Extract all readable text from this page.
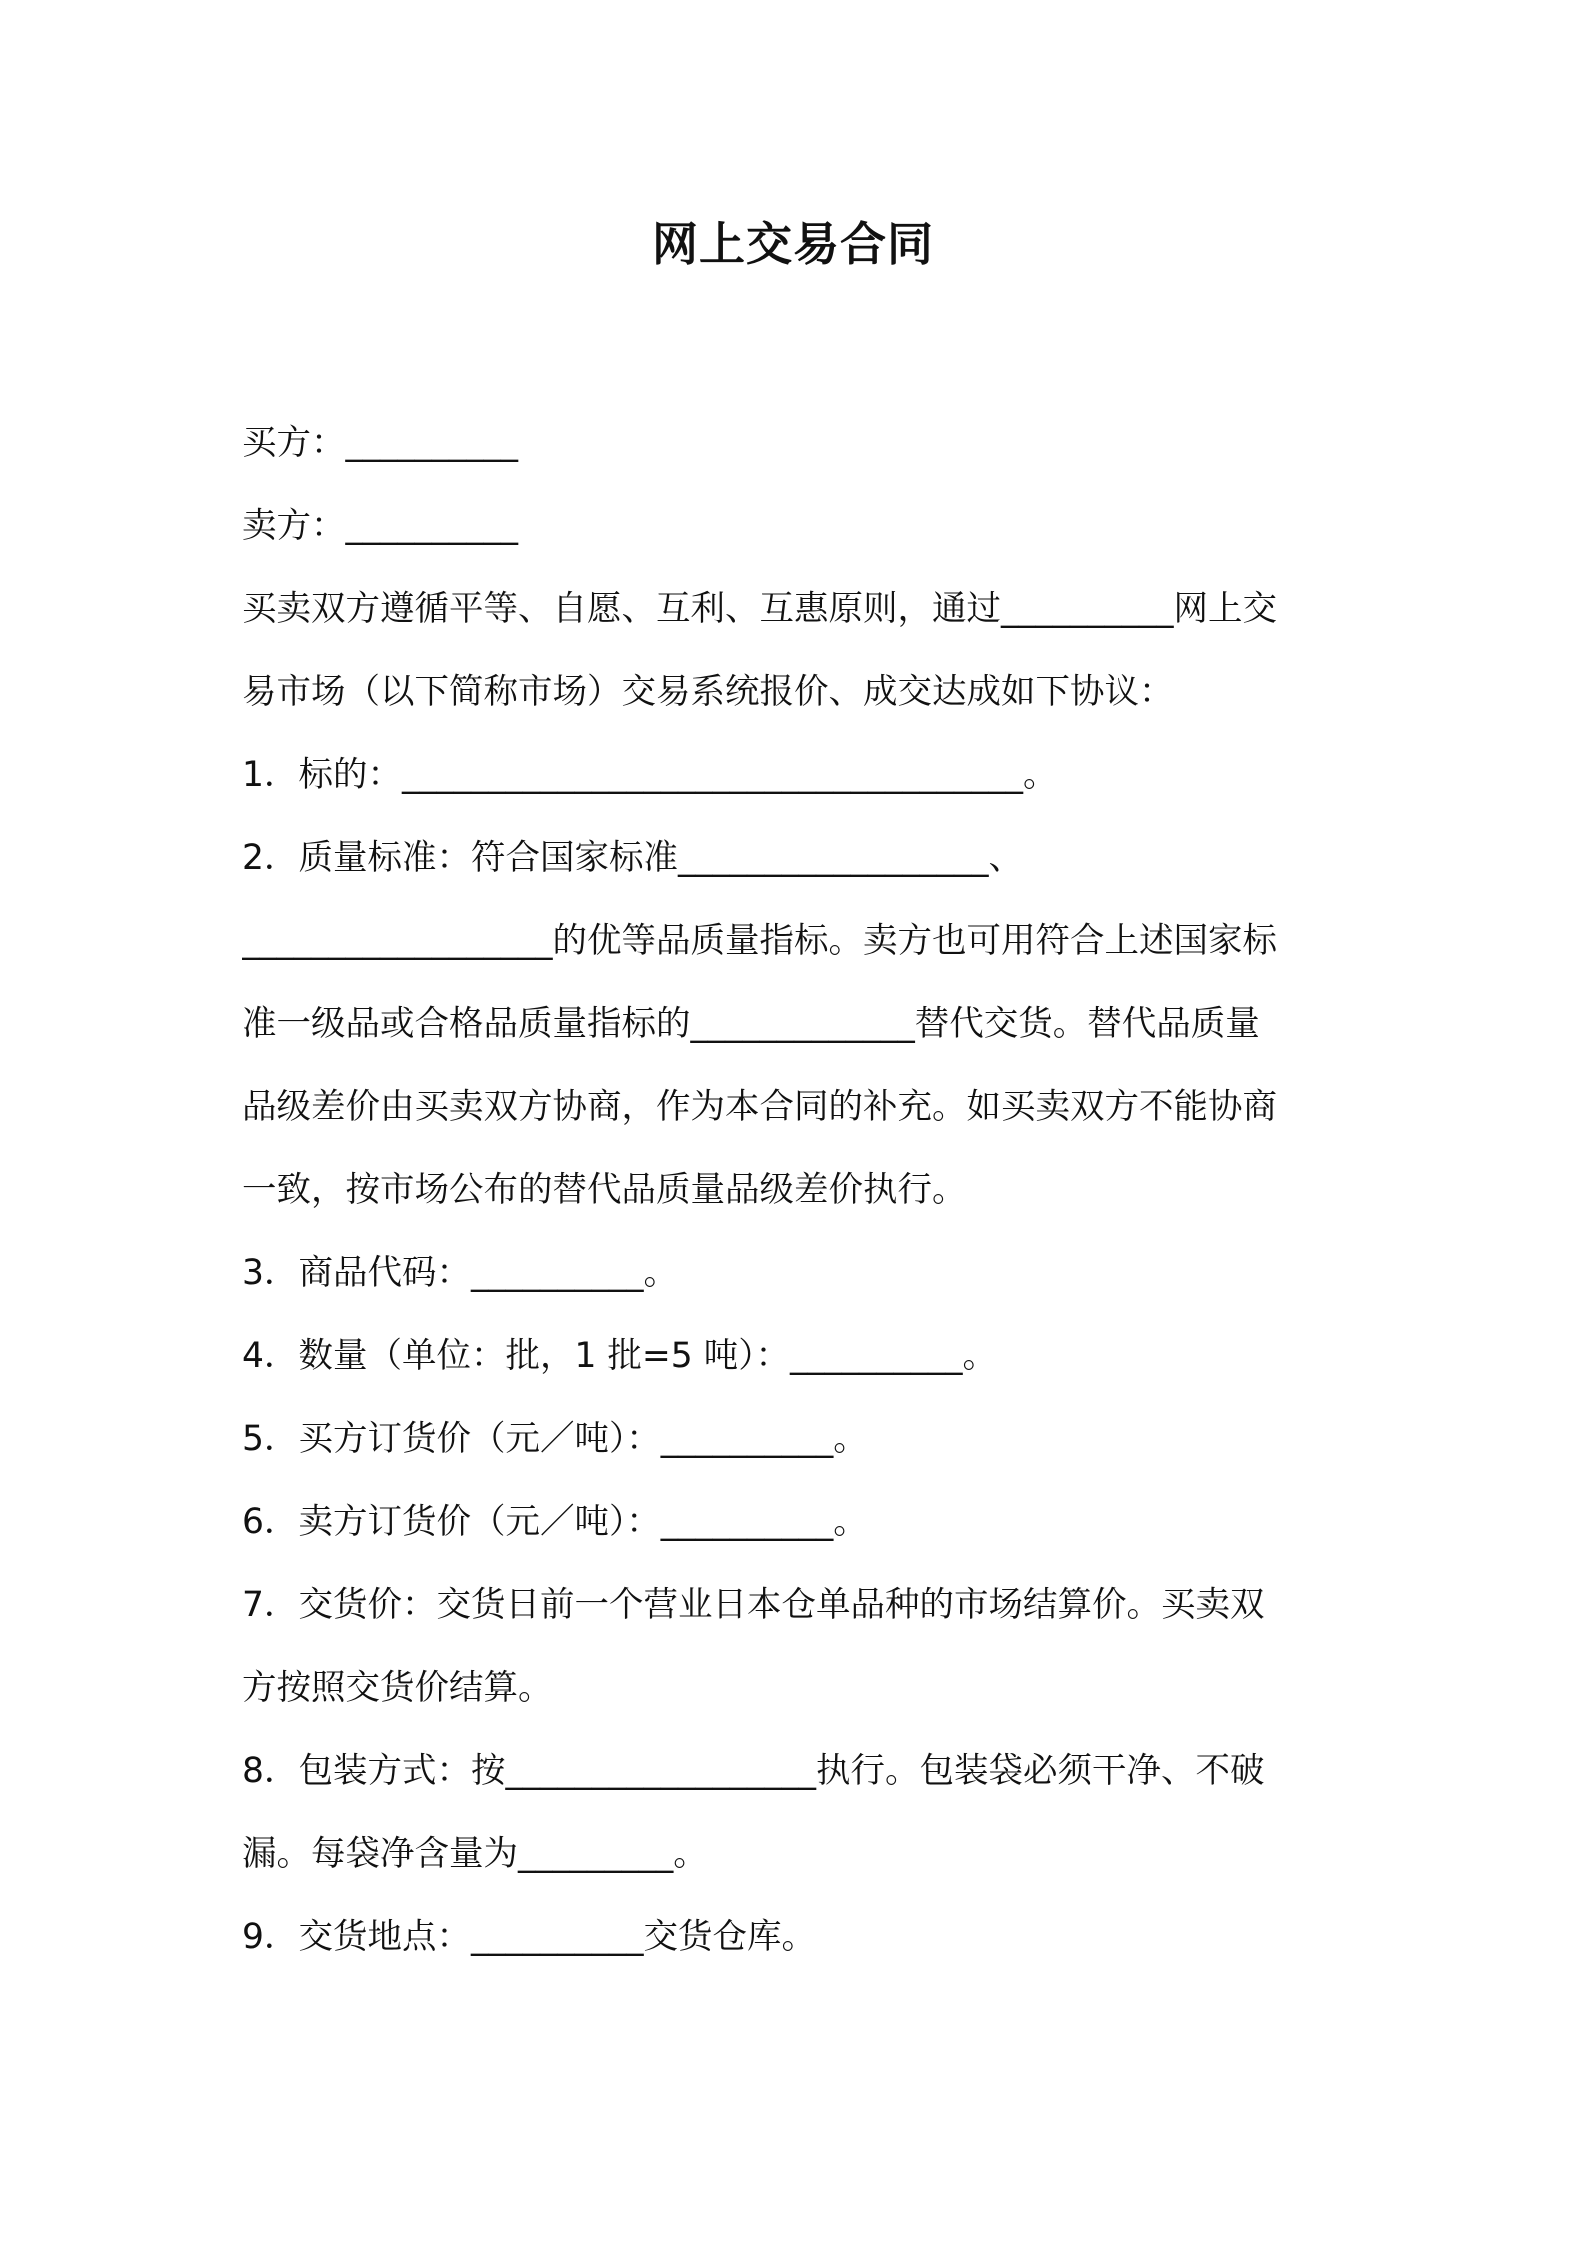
网上交易合同
买方：__________
卖方：__________
买卖双方遵循平等、自愿、互利、互惠原则，通过__________网上交
易市场（以下简称市场）交易系统报价、成交达成如下协议：
1．标的：____________________________________。
2．质量标准：符合国家标准__________________、
__________________的优等品质量指标。卖方也可用符合上述国家标
准一级品或合格品质量指标的_____________替代交货。替代品质量
品级差价由买卖双方协商，作为本合同的补充。如买卖双方不能协商
一致，按市场公布的替代品质量品级差价执行。
3．商品代码：__________。
4．数量（单位：批，1 批=5 吨）：__________。
5．买方订货价（元／吨）：__________。
6．卖方订货价（元／吨）：__________。
7．交货价：交货日前一个营业日本仓单品种的市场结算价。买卖双
方按照交货价结算。
8．包装方式：按__________________执行。包装袋必须干净、不破
漏。每袋净含量为_________。
9．交货地点：__________交货仓库。
